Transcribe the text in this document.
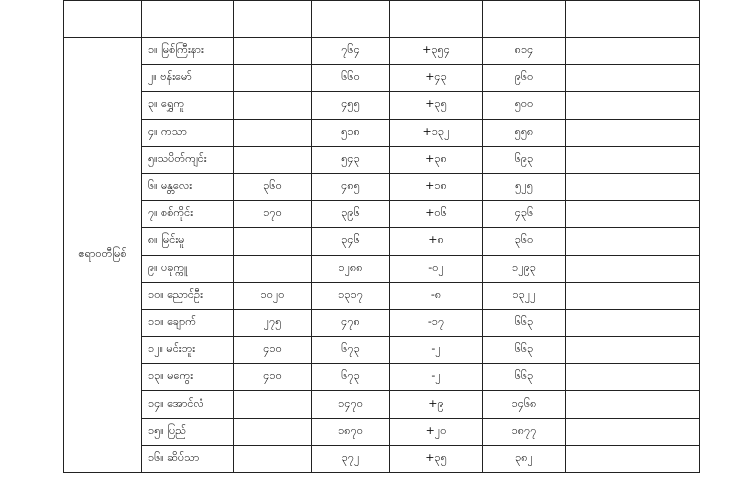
ဧရာဝတီမြစ်	၁။ မြစ်ကြီးနား		၇၆၄	+၃၅၄	၈၁၄	
	၂။ ဗန်းမော်		၆၆၀	+၄၃	၉၆၀	
	၃။ ရွှေကူ		၄၅၅	+၃၅	၅၀၀	
	၄။ ကသာ		၅၁၈	+၁၃၂	၅၅၈	
	၅။သပိတ်ကျင်း		၅၄၃	+၃၈	၆၉၃	
	၆။ မန္တလေး	၃၆၀	၄၈၅	+၁၈	၅၂၅	
	၇။ စစ်ကိုင်း	၁၇၀	၃၉၆	+၀၆	၄၃၆	
	၈။ မြင်းမူ		၃၄၆	+၈	၃၆၀	
	၉။ ပခုက္ကူ		၁၂၈၈	-၀၂	၁၂၉၃	
	၁၀။ ညောင်ဦး	၁၀၂၀	၁၃၁၇	-၈	၁၃၂၂	
	၁၁။ ချောက်	၂၇၅	၄၇၈	-၁၇	၆၆၃	
	၁၂။ မင်းဘူး	၄၁၀	၆၇၃	-၂	၆၆၃	
	၁၃။ မကွေး	၄၁၀	၆၇၃	-၂	၆၆၃	
	၁၄။ အောင်လံ		၁၄၇၀	+၉	၁၄၆၈	
	၁၅။ ပြည်		၁၈၇၀	+၂၀	၁၈၇၇	
	၁၆။ ဆိပ်သာ		၃၇၂	+၃၅	၃၈၂	
